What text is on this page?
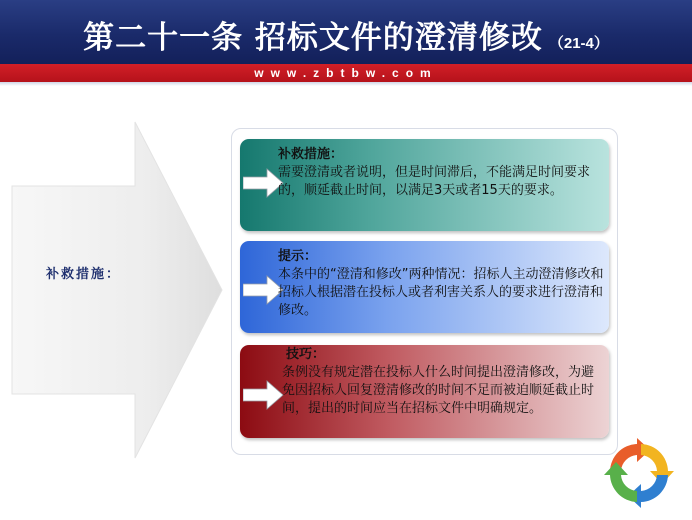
第二十一条 招标文件的澄清修改 （21-4）
www.zbtbw.com
补救措施：
补救措施：
需要澄清或者说明，但是时间滞后，不能满足时间要求的，顺延截止时间，以满足3天或者15天的要求。
提示：
本条中的“澄清和修改”两种情况：招标人主动澄清修改和招标人根据潜在投标人或者利害关系人的要求进行澄清和修改。
技巧：
条例没有规定潜在投标人什么时间提出澄清修改，为避免因招标人回复澄清修改的时间不足而被迫顺延截止时间，提出的时间应当在招标文件中明确规定。
